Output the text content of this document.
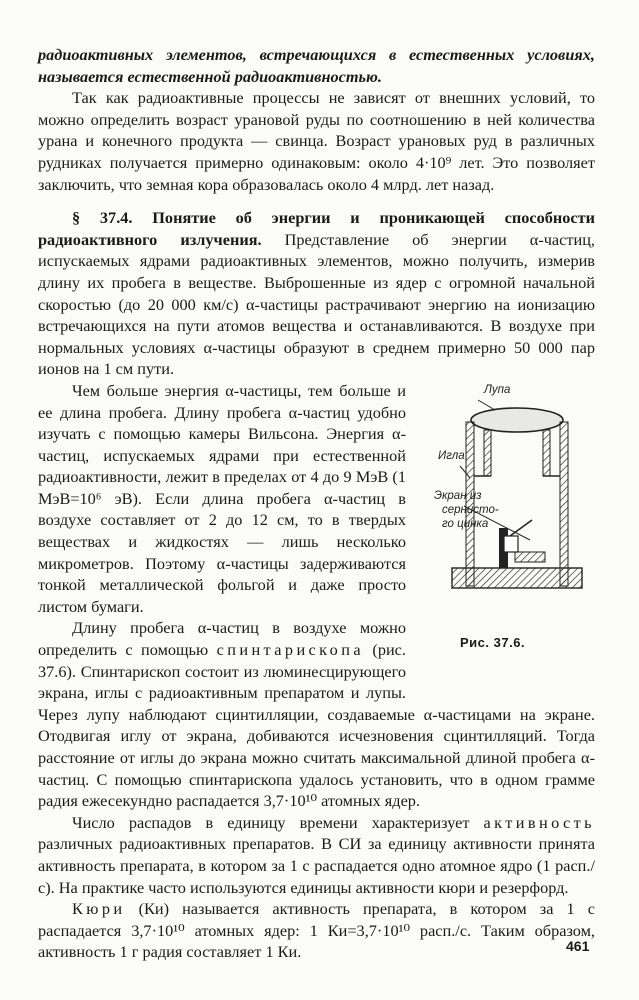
радиоактивных элементов, встречающихся в естественных условиях, называется естественной радиоактивностью.

Так как радиоактивные процессы не зависят от внешних условий, то можно определить возраст урановой руды по соотношению в ней количества урана и конечного продукта — свинца. Возраст урановых руд в различных рудниках получается примерно одинаковым: около 4·10⁹ лет. Это позволяет заключить, что земная кора образовалась около 4 млрд. лет назад.

§ 37.4. Понятие об энергии и проникающей способности радиоактивного излучения. Представление об энергии α-частиц, испускаемых ядрами радиоактивных элементов, можно получить, измерив длину их пробега в веществе. Выброшенные из ядер с огромной начальной скоростью (до 20 000 км/с) α-частицы растрачивают энергию на ионизацию встречающихся на пути атомов вещества и останавливаются. В воздухе при нормальных условиях α-частицы образуют в среднем примерно 50 000 пар ионов на 1 см пути.

Лупа
Игла
Экран из
сернисто-
го цинка
Рис. 37.6.

Чем больше энергия α-частицы, тем больше и ее длина пробега. Длину пробега α-частиц удобно изучать с помощью камеры Вильсона. Энергия α-частиц, испускаемых ядрами при естественной радиоактивности, лежит в пределах от 4 до 9 МэВ (1 МэВ=10⁶ эВ). Если длина пробега α-частиц в воздухе составляет от 2 до 12 см, то в твердых веществах и жидкостях — лишь несколько микрометров. Поэтому α-частицы задерживаются тонкой металлической фольгой и даже просто листом бумаги.

Длину пробега α-частиц в воздухе можно определить с помощью спинтарископа (рис. 37.6). Спинтарископ состоит из люминесцирующего экрана, иглы с радиоактивным препаратом и лупы. Через лупу наблюдают сцинтилляции, создаваемые α-частицами на экране. Отодвигая иглу от экрана, добиваются исчезновения сцинтилляций. Тогда расстояние от иглы до экрана можно считать максимальной длиной пробега α-частиц. С помощью спинтарископа удалось установить, что в одном грамме радия ежесекундно распадается 3,7·10¹⁰ атомных ядер.

Число распадов в единицу времени характеризует активность различных радиоактивных препаратов. В СИ за единицу активности принята активность препарата, в котором за 1 с распадается одно атомное ядро (1 расп./с). На практике часто используются единицы активности кюри и резерфорд.

Кюри (Ки) называется активность препарата, в котором за 1 с распадается 3,7·10¹⁰ атомных ядер: 1 Ки=3,7·10¹⁰ расп./с. Таким образом, активность 1 г радия составляет 1 Ки.	461
